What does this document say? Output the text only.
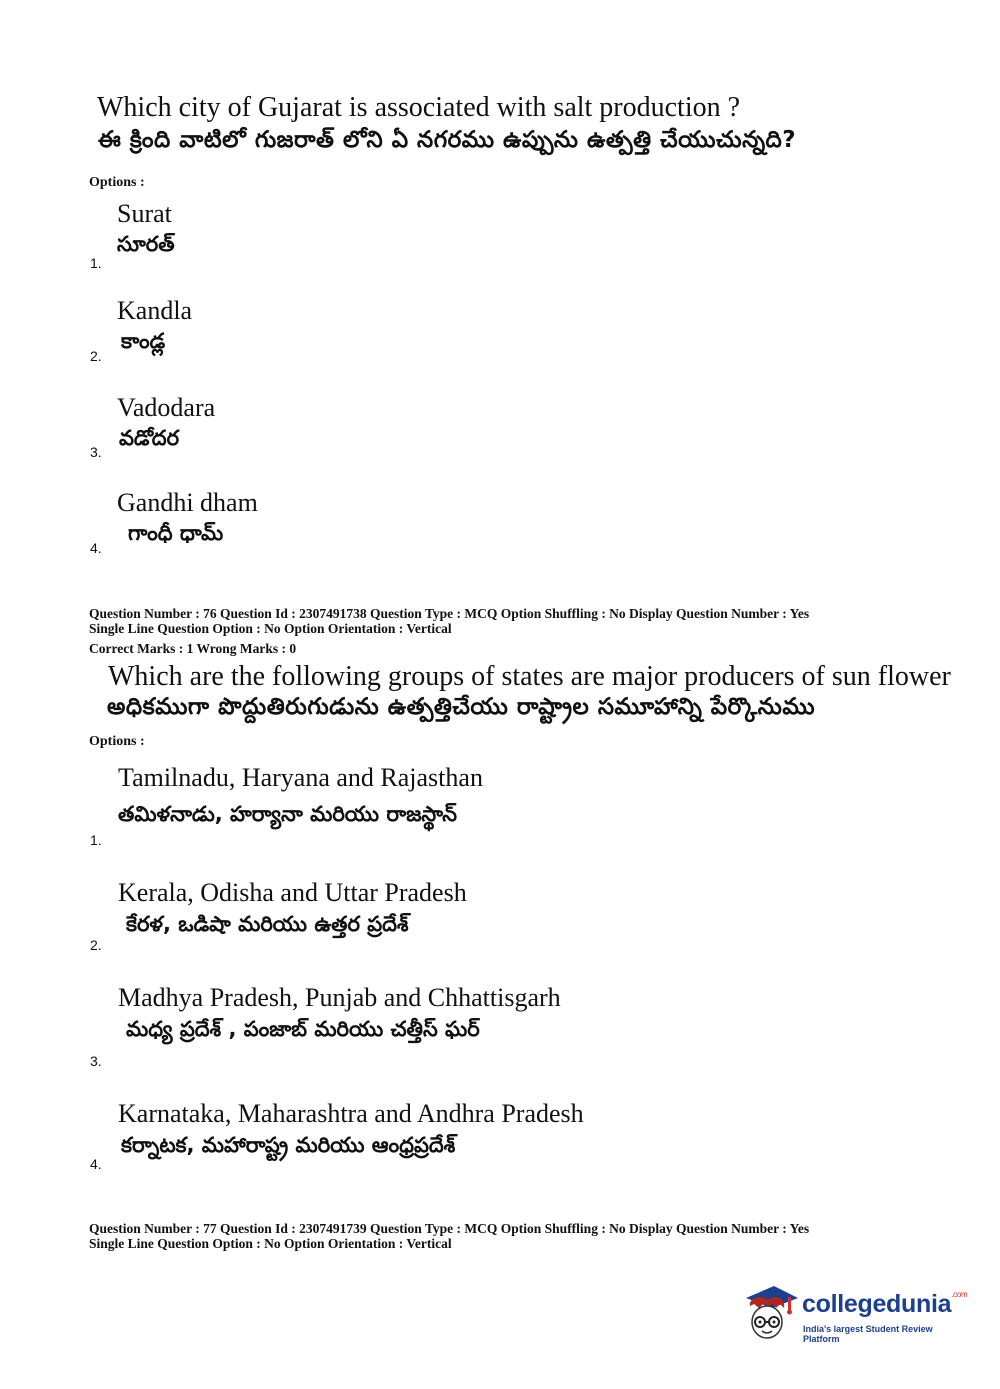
Which city of Gujarat is associated with salt production ?
ఈ క్రింది వాటిలో గుజరాత్ లోని ఏ నగరము ఉప్పును ఉత్పత్తి చేయుచున్నది?
Options :
Surat
సూరత్
1.
Kandla
కాండ్ల
2.
Vadodara
వడోదర
3.
Gandhi dham
గాంధీ ధామ్
4.
Question Number : 76 Question Id : 2307491738 Question Type : MCQ Option Shuffling : No Display Question Number : Yes
Single Line Question Option : No Option Orientation : Vertical
Correct Marks : 1 Wrong Marks : 0
Which are the following groups of states are major producers of sun flower
అధికముగా పొద్దుతిరుగుడును ఉత్పత్తిచేయు రాష్ట్రాల సమూహాన్ని పేర్కొనుము
Options :
Tamilnadu, Haryana and Rajasthan
తమిళనాడు, హర్యానా మరియు రాజస్థాన్
1.
Kerala, Odisha and Uttar Pradesh
కేరళ, ఒడిషా మరియు ఉత్తర ప్రదేశ్
2.
Madhya Pradesh, Punjab and Chhattisgarh
మధ్య ప్రదేశ్ , పంజాబ్ మరియు చత్తీస్ ఘర్
3.
Karnataka, Maharashtra and Andhra Pradesh
కర్నాటక, మహారాష్ట్ర మరియు ఆంధ్రప్రదేశ్
4.
Question Number : 77 Question Id : 2307491739 Question Type : MCQ Option Shuffling : No Display Question Number : Yes
Single Line Question Option : No Option Orientation : Vertical
collegedunia$^{.com}$
India's largest Student Review Platform
